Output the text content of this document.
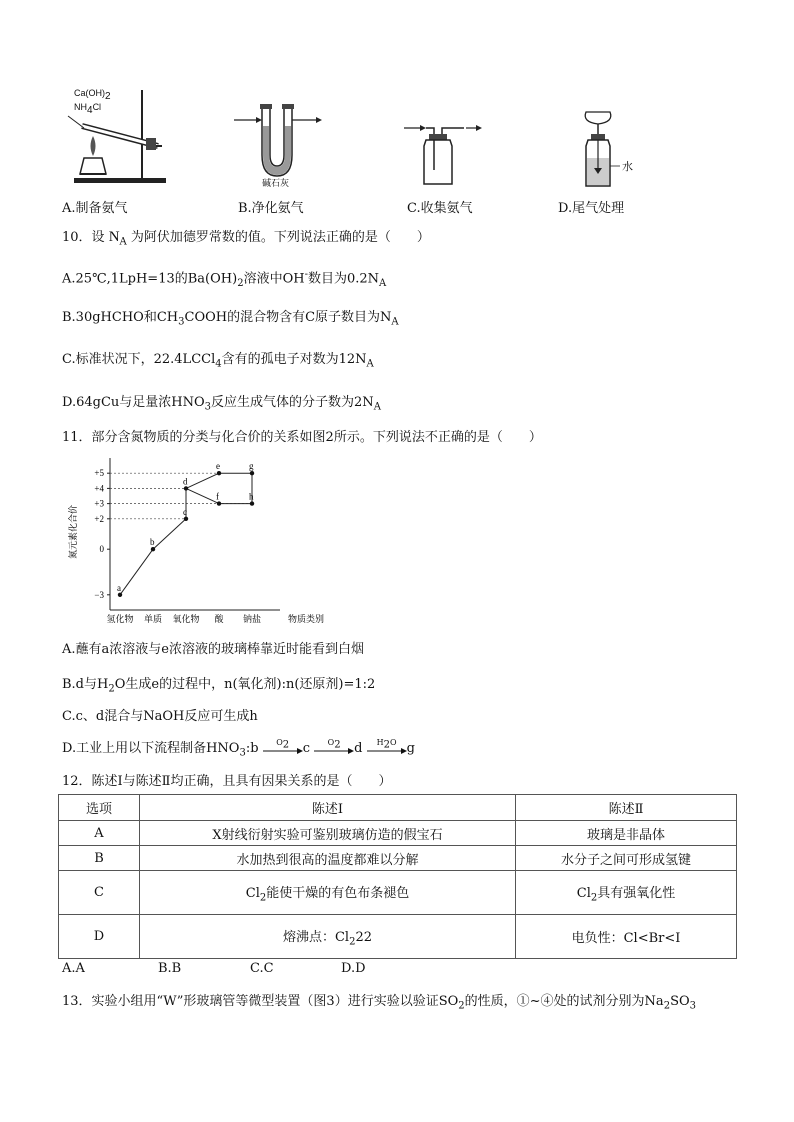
$Ca(OH)_2$
$NH_4Cl$
碱石灰
水
A.制备氨气	B.净化氨气	C.收集氨气	D.尾气处理
10．设 $N_A$ 为阿伏加德罗常数的值。下列说法正确的是（　　）
A.25℃,1LpH=13的$Ba(OH)_2$溶液中OH-数目为$0.2N_A$
B.30gHCHO和$CH_3COOH$的混合物含有C原子数目为$N_A$
C.标准状况下，22.4LCCl$_4$含有的孤电子对数为$12N_A$
D.64gCu与足量浓$HNO_3$反应生成气体的分子数为$2N_A$
11．部分含氮物质的分类与化合价的关系如图2所示。下列说法不正确的是（　　）
氮元素化合价
+5
+4
+3
+2
0
−3
氢化物 单质 氧化物 酸 钠盐	物质类别
a
b
c
d
e
f
g
h
A.蘸有a浓溶液与e浓溶液的玻璃棒靠近时能看到白烟
B.d与$H_2O$生成e的过程中，n(氧化剂):n(还原剂)=1:2
C.c、d混合与NaOH反应可生成h
D.工业上用以下流程制备$HNO_3:b$	$O_2$	c	$O_2$	d	$H_2O$ g
12．陈述Ⅰ与陈述Ⅱ均正确，且具有因果关系的是（　　）
选项	陈述Ⅰ	陈述Ⅱ
A	X射线衍射实验可鉴别玻璃仿造的假宝石	玻璃是非晶体
B	水加热到很高的温度都难以分解	水分子之间可形成氢键
C	$Cl_2$能使干燥的有色布条褪色	$Cl_2$具有强氧化性
D	熔沸点：$Cl_222$	电负性：Cl<Br<I
A.A	B.B	C.C	D.D
13．实验小组用“W”形玻璃管等微型装置（图3）进行实验以验证$SO_2$的性质，①~④处的试剂分别为$Na_2SO_3$
